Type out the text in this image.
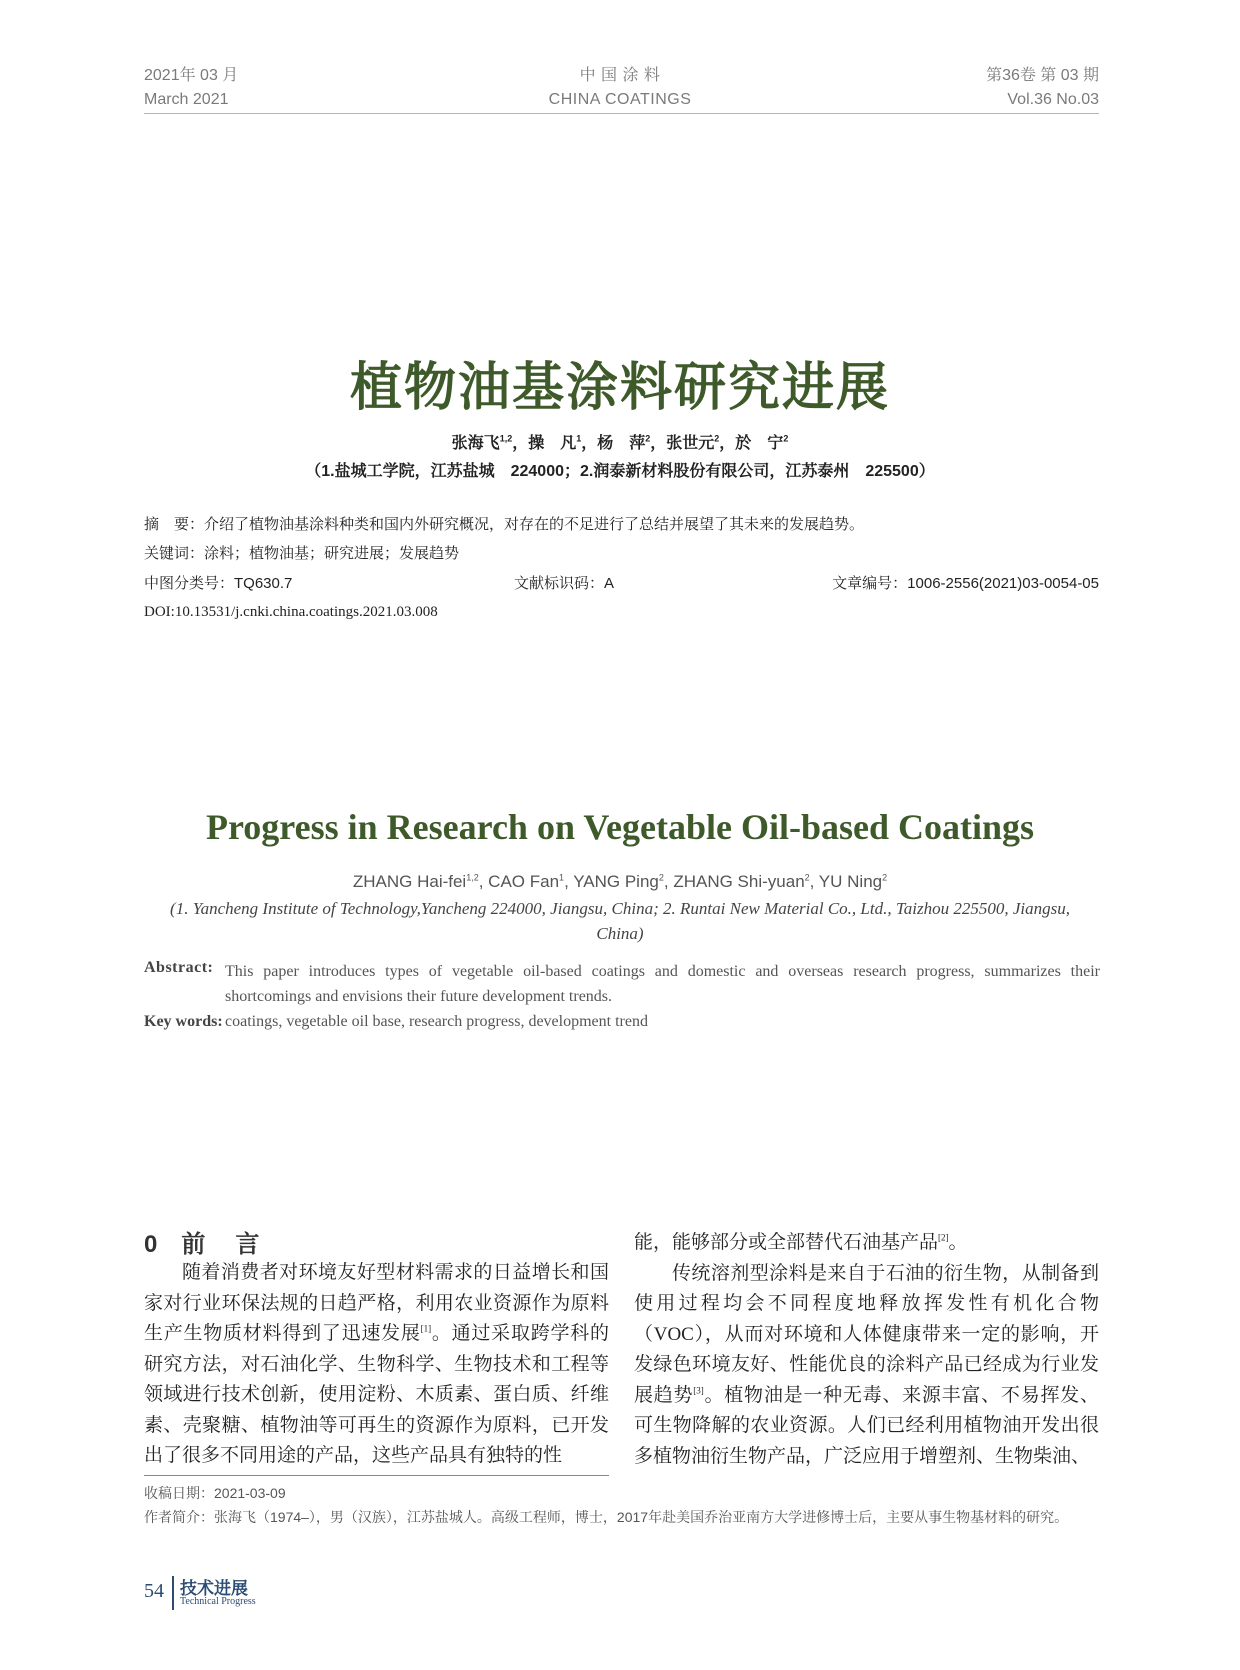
2021年 03 月
March 2021
中 国 涂 料
CHINA COATINGS
第36卷 第 03 期
Vol.36 No.03
植物油基涂料研究进展
张海飞$^{1,2}$，操　凡$^1$，杨　萍$^2$，张世元$^2$，於　宁$^2$
（1.盐城工学院，江苏盐城　224000；2.润泰新材料股份有限公司，江苏泰州　225500）
摘　要：介绍了植物油基涂料种类和国内外研究概况，对存在的不足进行了总结并展望了其未来的发展趋势。
关键词：涂料；植物油基；研究进展；发展趋势
中图分类号：TQ630.7	文献标识码：A	文章编号：1006-2556(2021)03-0054-05
DOI:10.13531/j.cnki.china.coatings.2021.03.008
Progress in Research on Vegetable Oil-based Coatings
ZHANG Hai-fei$^{1,2}$, CAO Fan$^1$, YANG Ping$^2$, ZHANG Shi-yuan$^2$, YU Ning$^2$
(1. Yancheng Institute of Technology,Yancheng 224000, Jiangsu, China; 2. Runtai New Material Co., Ltd., Taizhou 225500, Jiangsu, China)
Abstract: This paper introduces types of vegetable oil-based coatings and domestic and overseas research progress, summarizes their shortcomings and envisions their future development trends.
Key words: coatings, vegetable oil base, research progress, development trend
0 前 言

随着消费者对环境友好型材料需求的日益增长和国家对行业环保法规的日趋严格，利用农业资源作为原料生产生物质材料得到了迅速发展[1]。通过采取跨学科的研究方法，对石油化学、生物科学、生物技术和工程等领域进行技术创新，使用淀粉、木质素、蛋白质、纤维素、壳聚糖、植物油等可再生的资源作为原料，已开发出了很多不同用途的产品，这些产品具有独特的性

能，能够部分或全部替代石油基产品[2]。

传统溶剂型涂料是来自于石油的衍生物，从制备到使用过程均会不同程度地释放挥发性有机化合物（VOC），从而对环境和人体健康带来一定的影响，开发绿色环境友好、性能优良的涂料产品已经成为行业发展趋势[3]。植物油是一种无毒、来源丰富、不易挥发、可生物降解的农业资源。人们已经利用植物油开发出很多植物油衍生物产品，广泛应用于增塑剂、生物柴油、

收稿日期：2021-03-09
作者简介：张海飞（1974–），男（汉族），江苏盐城人。高级工程师，博士，2017年赴美国乔治亚南方大学进修博士后，主要从事生物基材料的研究。
54 技术进展
Technical Progress
